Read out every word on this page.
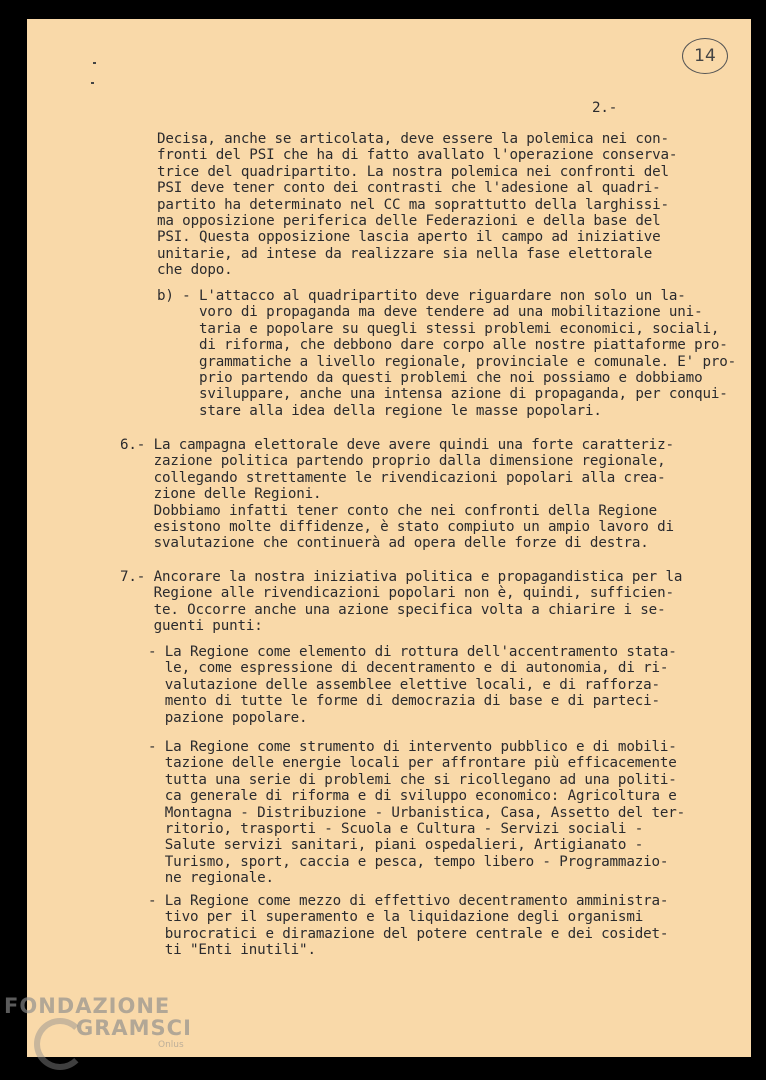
14
2.-
Decisa, anche se articolata, deve essere la polemica nei con-
fronti del PSI che ha di fatto avallato l'operazione conserva-
trice del quadripartito. La nostra polemica nei confronti del
PSI deve tener conto dei contrasti che l'adesione al quadri-
partito ha determinato nel CC ma soprattutto della larghissi-
ma opposizione periferica delle Federazioni e della base del
PSI. Questa opposizione lascia aperto il campo ad iniziative
unitarie, ad intese da realizzare sia nella fase elettorale
che dopo.
b) - L'attacco al quadripartito deve riguardare non solo un la-
voro di propaganda ma deve tendere ad una mobilitazione uni-
taria e popolare su quegli stessi problemi economici, sociali,
di riforma, che debbono dare corpo alle nostre piattaforme pro-
grammatiche a livello regionale, provinciale e comunale. E' pro-
prio partendo da questi problemi che noi possiamo e dobbiamo
sviluppare, anche una intensa azione di propaganda, per conqui-
stare alla idea della regione le masse popolari.
6.- La campagna elettorale deve avere quindi una forte caratteriz-
zazione politica partendo proprio dalla dimensione regionale,
collegando strettamente le rivendicazioni popolari alla crea-
zione delle Regioni.
Dobbiamo infatti tener conto che nei confronti della Regione
esistono molte diffidenze, è stato compiuto un ampio lavoro di
svalutazione che continuerà ad opera delle forze di destra.
7.- Ancorare la nostra iniziativa politica e propagandistica per la
Regione alle rivendicazioni popolari non è, quindi, sufficien-
te. Occorre anche una azione specifica volta a chiarire i se-
guenti punti:
- La Regione come elemento di rottura dell'accentramento stata-
le, come espressione di decentramento e di autonomia, di ri-
valutazione delle assemblee elettive locali, e di rafforza-
mento di tutte le forme di democrazia di base e di parteci-
pazione popolare.
- La Regione come strumento di intervento pubblico e di mobili-
tazione delle energie locali per affrontare più efficacemente
tutta una serie di problemi che si ricollegano ad una politi-
ca generale di riforma e di sviluppo economico: Agricoltura e
Montagna - Distribuzione - Urbanistica, Casa, Assetto del ter-
ritorio, trasporti - Scuola e Cultura - Servizi sociali -
Salute servizi sanitari, piani ospedalieri, Artigianato -
Turismo, sport, caccia e pesca, tempo libero - Programmazio-
ne regionale.
- La Regione come mezzo di effettivo decentramento amministra-
tivo per il superamento e la liquidazione degli organismi
burocratici e diramazione del potere centrale e dei cosidet-
ti "Enti inutili".
FONDAZIONE
GRAMSCI
Onlus
